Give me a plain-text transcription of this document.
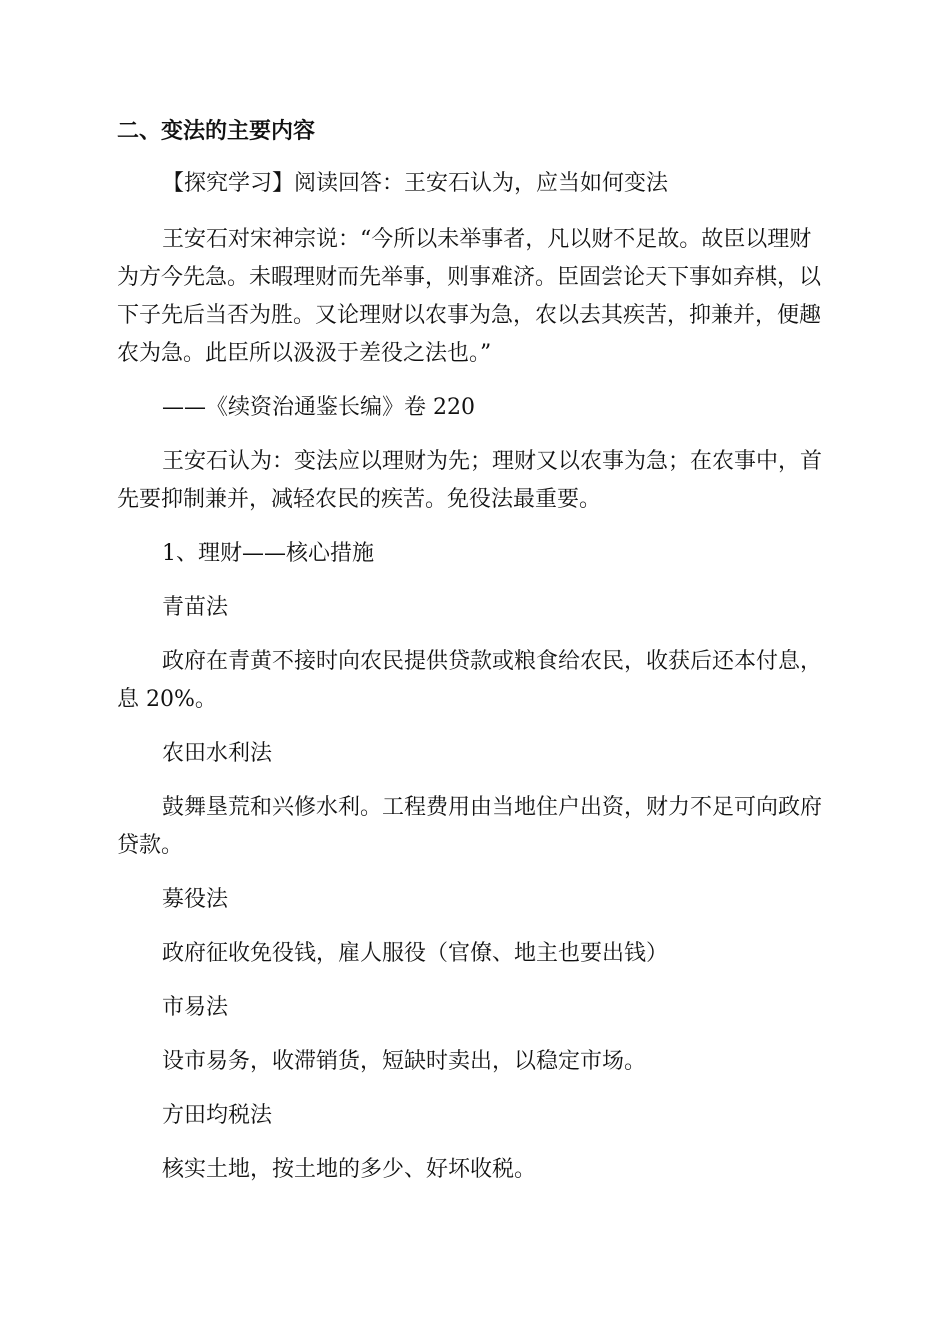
二、变法的主要内容

【探究学习】阅读回答：王安石认为，应当如何变法

王安石对宋神宗说：“今所以未举事者，凡以财不足故。故臣以理财

为方今先急。未暇理财而先举事，则事难济。臣固尝论天下事如弃棋，以

下子先后当否为胜。又论理财以农事为急，农以去其疾苦，抑兼并，便趣

农为急。此臣所以汲汲于差役之法也。”

——《续资治通鉴长编》卷 220

王安石认为：变法应以理财为先；理财又以农事为急；在农事中，首

先要抑制兼并，减轻农民的疾苦。免役法最重要。

1、理财——核心措施

青苗法

政府在青黄不接时向农民提供贷款或粮食给农民，收获后还本付息，

息 20%。

农田水利法

鼓舞垦荒和兴修水利。工程费用由当地住户出资，财力不足可向政府

贷款。

募役法

政府征收免役钱，雇人服役（官僚、地主也要出钱）

市易法

设市易务，收滞销货，短缺时卖出，以稳定市场。

方田均税法

核实土地，按土地的多少、好坏收税。
